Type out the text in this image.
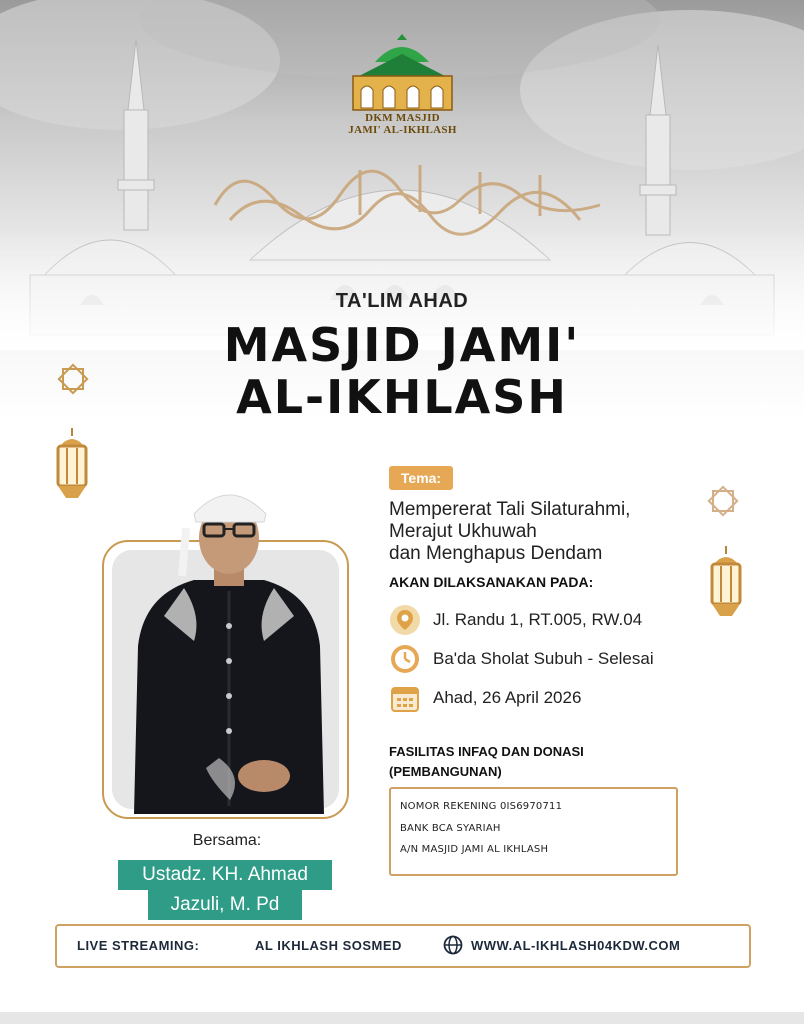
DKM MASJID
JAMI' AL-IKHLASH
TA'LIM AHAD
MASJID JAMI'
AL-IKHLASH
Bersama:
Ustadz. KH. Ahmad
Jazuli, M. Pd
Tema:
Mempererat Tali Silaturahmi,
Merajut Ukhuwah
dan Menghapus Dendam
AKAN DILAKSANAKAN PADA:
Jl. Randu 1, RT.005, RW.04
Ba'da Sholat Subuh - Selesai
Ahad, 26 April 2026
FASILITAS INFAQ DAN DONASI
(PEMBANGUNAN)
NOMOR REKENING 0IS6970711
BANK BCA SYARIAH
A/N MASJID JAMI AL IKHLASH
LIVE STREAMING:	AL IKHLASH SOSMED	WWW.AL-IKHLASH04KDW.COM
